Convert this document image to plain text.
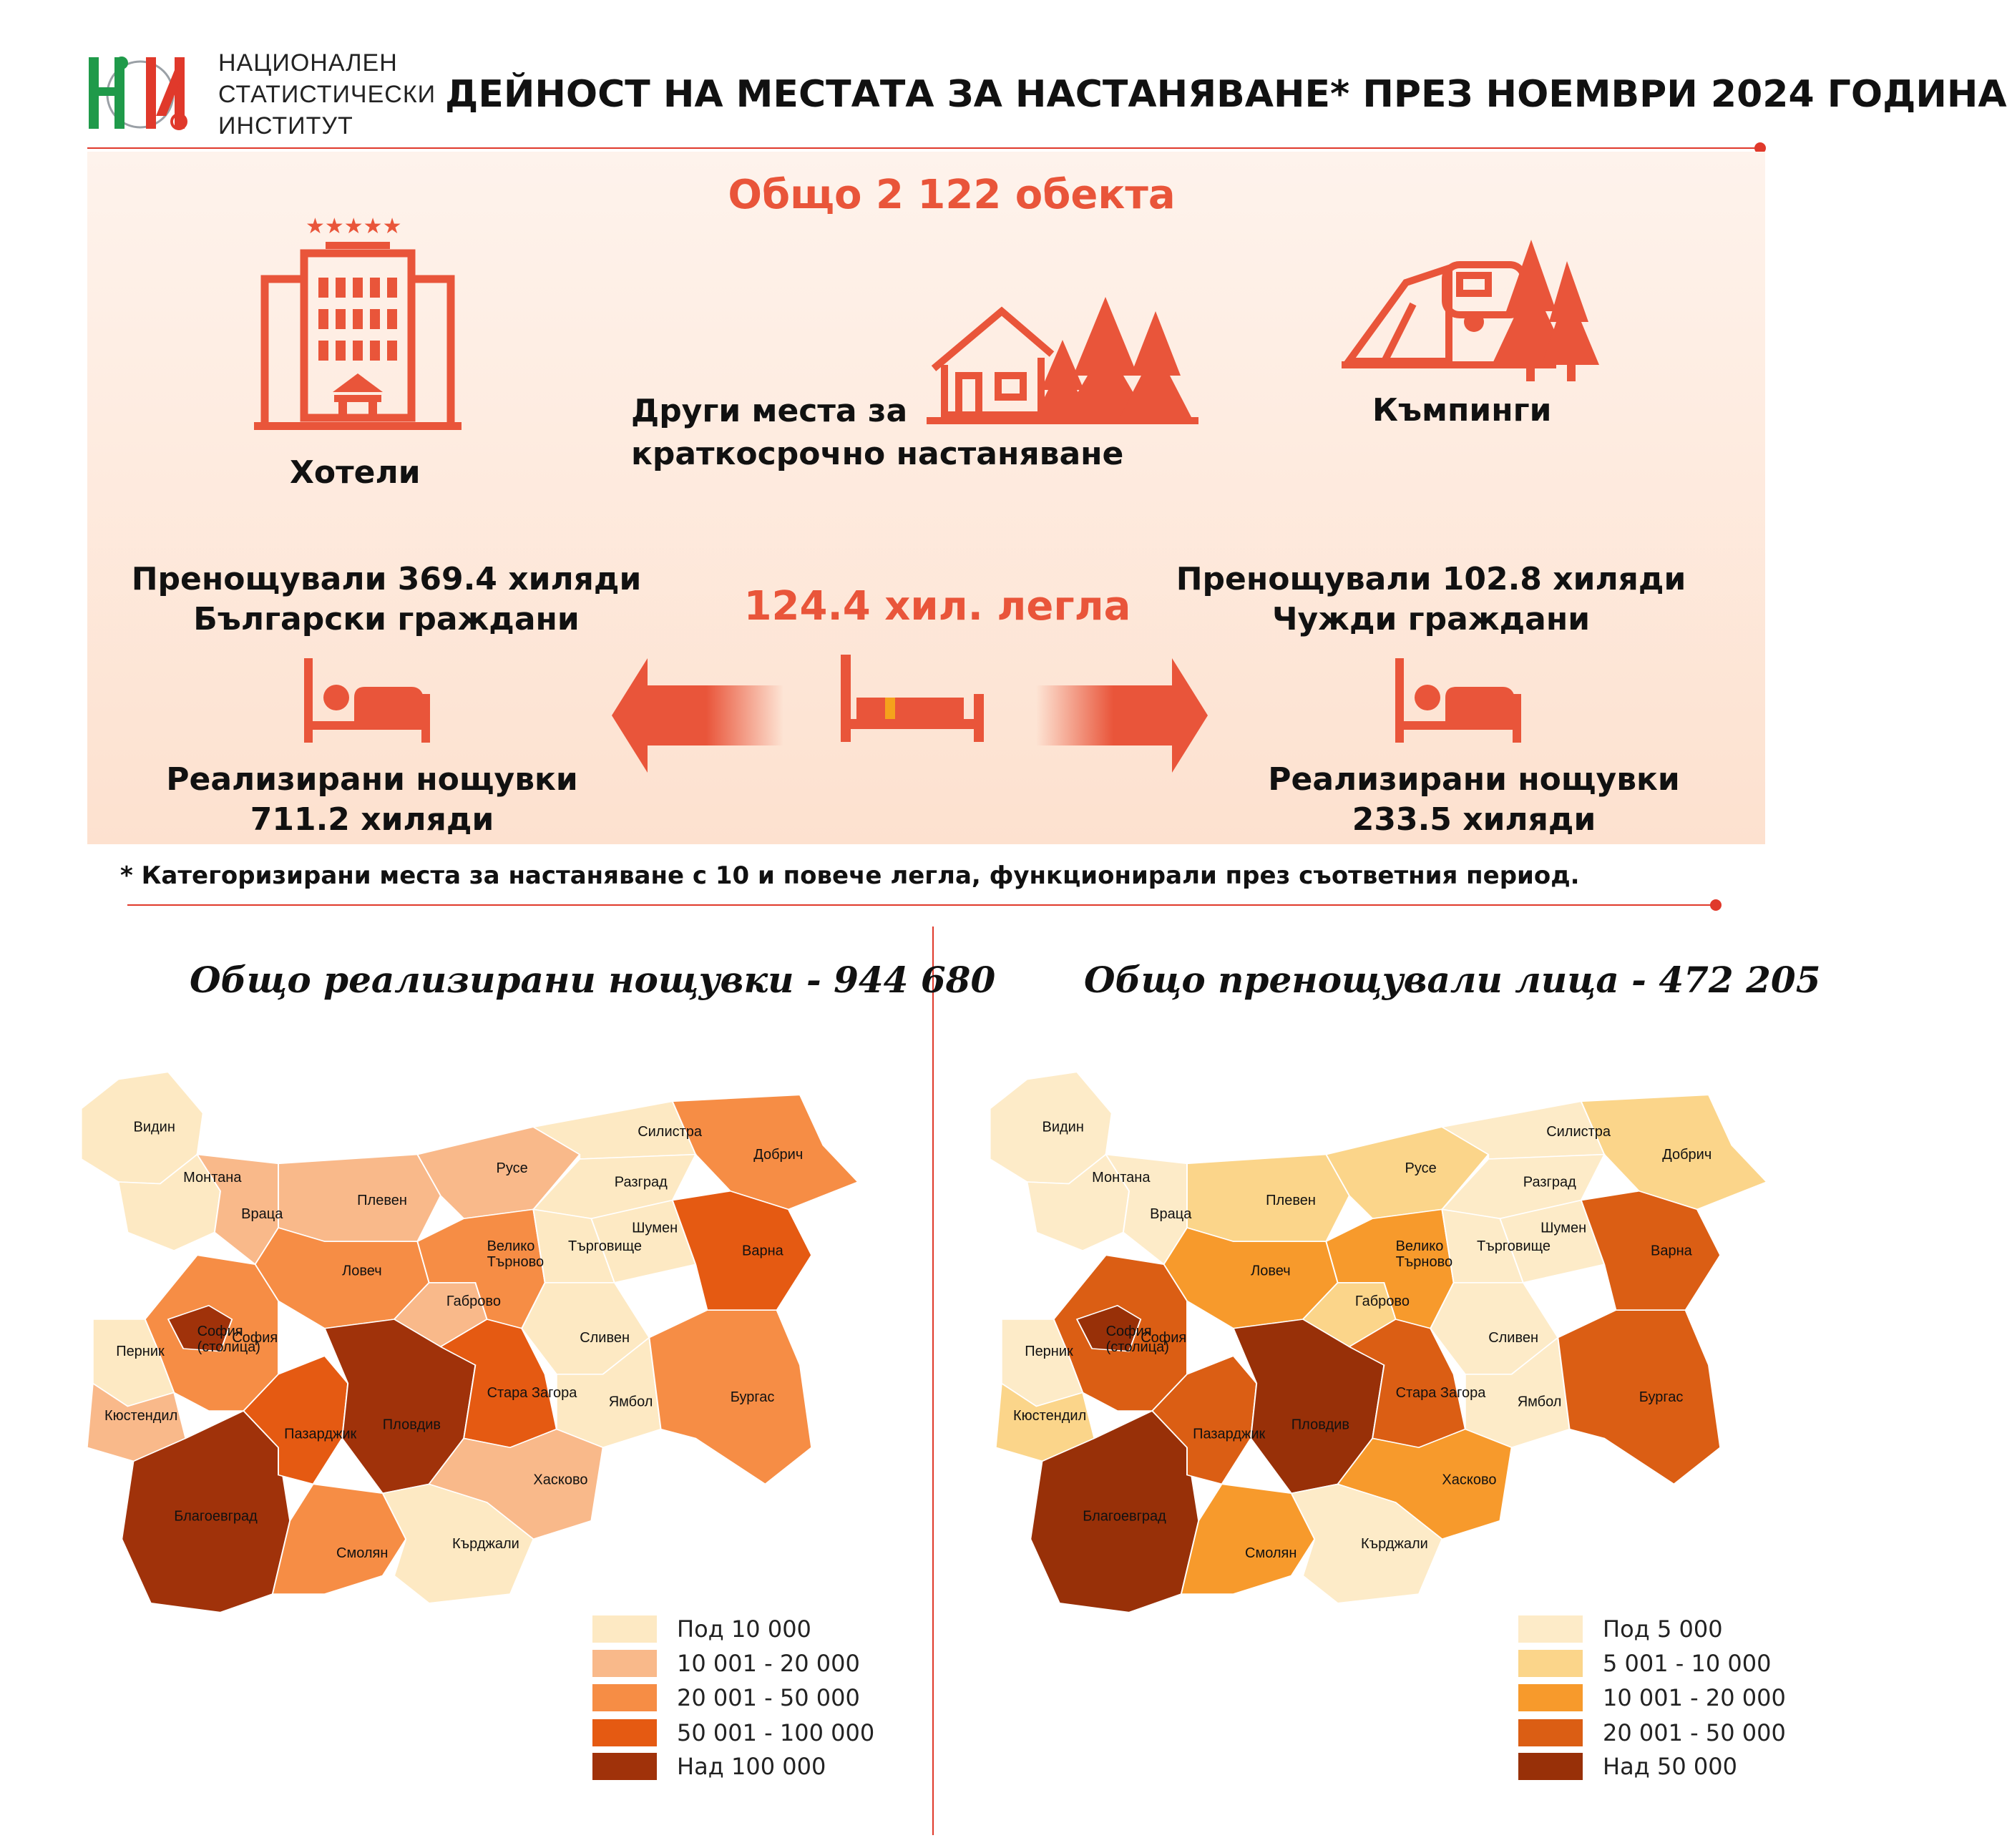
НАЦИОНАЛЕН
СТАТИСТИЧЕСКИ
ИНСТИТУТ
ДЕЙНОСТ НА МЕСТАТА ЗА НАСТАНЯВАНЕ* ПРЕЗ НОЕМВРИ 2024 ГОДИНА
Общо 2 122 обекта
★★★★★
Хотели
Други места за
краткосрочно настаняване
Къмпинги
Пренощували 369.4 хиляди
Български граждани	124.4 хил. легла
Пренощували 102.8 хиляди
Чужди граждани
Реализирани нощувки
711.2 хиляди
Реализирани нощувки
233.5 хиляди
* Категоризирани места за настаняване с 10 и повече легла, функционирали през съответния период.
Общо реализирани нощувки - 944 680 Общо пренощували лица - 472 205
Видин
Монтана
Враца
Плевен
Русе
Силистра
Добрич
Разград
Ловеч
Габрово
Велико
Търново
Търговище
Шумен
Варна
София
София
(столица)
Перник
Кюстендил
Благоевград
Пазарджик
Пловдив
Смолян
Стара Загора
Сливен
Ямбол	Бургас
Хасково
Кърджали
Видин
Монтана
Враца
Плевен
Русе
Силистра
Добрич
Разград
Ловеч
Габрово
Велико
Търново
Търговище
Шумен
Варна
София
София
(столица)
Перник
Кюстендил
Благоевград
Пазарджик
Пловдив
Смолян
Стара Загора
Сливен
Ямбол	Бургас
Хасково
Кърджали
Под 10 000
10 001 - 20 000
20 001 - 50 000
50 001 - 100 000
Над 100 000
Под 5 000
5 001 - 10 000
10 001 - 20 000
20 001 - 50 000
Над 50 000
